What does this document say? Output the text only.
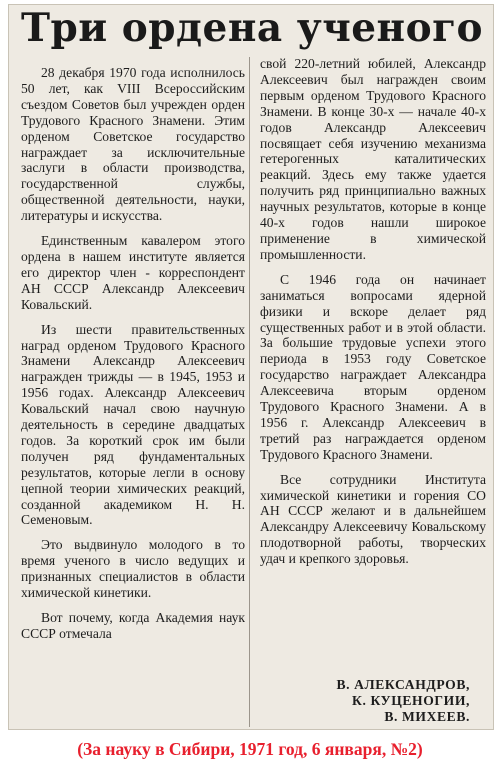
Три ордена ученого

28 декабря 1970 года исполнилось 50 лет, как VIII Всероссийским съездом Советов был учрежден орден Трудового Красного Знамени. Этим орденом Советское государство награждает за исключительные заслуги в области производства, государственной службы, общественной деятельности, науки, литературы и искусства.

Единственным кавалером этого ордена в нашем институте является его директор член - корреспондент АН СССР Александр Алексеевич Ковальский.

Из шести правительственных наград орденом Трудового Красного Знамени Александр Алексеевич награжден трижды — в 1945, 1953 и 1956 годах. Александр Алексеевич Ковальский начал свою научную деятельность в середине двадцатых годов. За короткий срок им были получен ряд фундаментальных результатов, которые легли в основу цепной теории химических реакций, созданной академиком Н. Н. Семеновым.

Это выдвинуло молодого в то время ученого в число ведущих и признанных специалистов в области химической кинетики.

Вот почему, когда Академия наук СССР отмечала

свой 220-летний юбилей, Александр Алексеевич был награжден своим первым орденом Трудового Красного Знамени. В конце 30-х — начале 40-х годов Александр Алексеевич посвящает себя изучению механизма гетерогенных каталитических реакций. Здесь ему также удается получить ряд принципиально важных научных результатов, которые в конце 40-х годов нашли широкое применение в химической промышленности.

С 1946 года он начинает заниматься вопросами ядерной физики и вскоре делает ряд существенных работ и в этой области. За большие трудовые успехи этого периода в 1953 году Советское государство награждает Александра Алексеевича вторым орденом Трудового Красного Знамени. А в 1956 г. Александр Алексеевич в третий раз награждается орденом Трудового Красного Знамени.

Все сотрудники Института химической кинетики и горения СО АН СССР желают и в дальнейшем Александру Алексеевичу Ковальскому плодотворной работы, творческих удач и крепкого здоровья.

В. АЛЕКСАНДРОВ,
К. КУЦЕНОГИИ,
В. МИХЕЕВ.
(За науку в Сибири, 1971 год, 6 января, №2)
